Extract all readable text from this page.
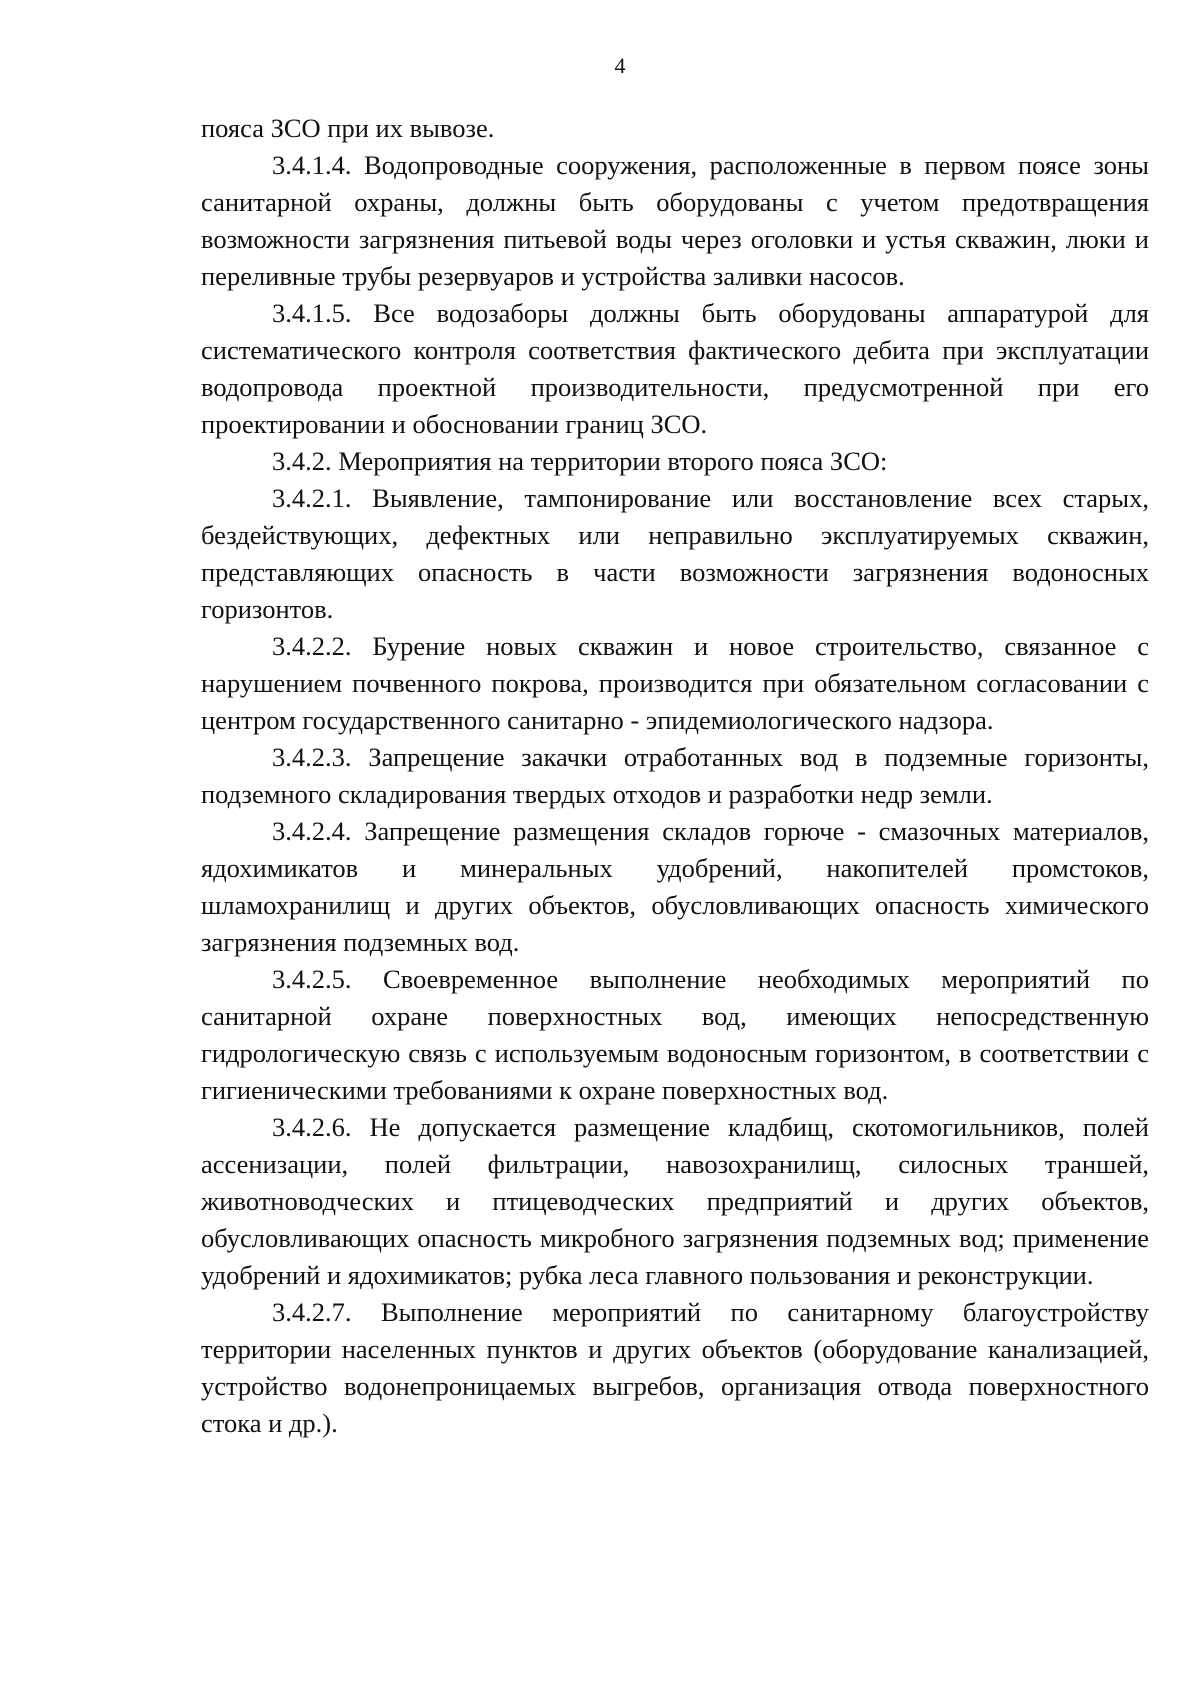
4

пояса ЗСО при их вывозе.

3.4.1.4. Водопроводные сооружения, расположенные в первом поясе зоны санитарной охраны, должны быть оборудованы с учетом предотвращения возможности загрязнения питьевой воды через оголовки и устья скважин, люки и переливные трубы резервуаров и устройства заливки насосов.

3.4.1.5. Все водозаборы должны быть оборудованы аппаратурой для систематического контроля соответствия фактического дебита при эксплуатации водопровода проектной производительности, предусмотренной при его проектировании и обосновании границ ЗСО.

3.4.2. Мероприятия на территории второго пояса ЗСО:

3.4.2.1. Выявление, тампонирование или восстановление всех старых, бездействующих, дефектных или неправильно эксплуатируемых скважин, представляющих опасность в части возможности загрязнения водоносных горизонтов.

3.4.2.2. Бурение новых скважин и новое строительство, связанное с нарушением почвенного покрова, производится при обязательном согласовании с центром государственного санитарно - эпидемиологического надзора.

3.4.2.3. Запрещение закачки отработанных вод в подземные горизонты, подземного складирования твердых отходов и разработки недр земли.

3.4.2.4. Запрещение размещения складов горюче - смазочных материалов, ядохимикатов и минеральных удобрений, накопителей промстоков, шламохранилищ и других объектов, обусловливающих опасность химического загрязнения подземных вод.

3.4.2.5. Своевременное выполнение необходимых мероприятий по санитарной охране поверхностных вод, имеющих непосредственную гидрологическую связь с используемым водоносным горизонтом, в соответствии с гигиеническими требованиями к охране поверхностных вод.

3.4.2.6. Не допускается размещение кладбищ, скотомогильников, полей ассенизации, полей фильтрации, навозохранилищ, силосных траншей, животноводческих и птицеводческих предприятий и других объектов, обусловливающих опасность микробного загрязнения подземных вод; применение удобрений и ядохимикатов; рубка леса главного пользования и реконструкции.

3.4.2.7. Выполнение мероприятий по санитарному благоустройству территории населенных пунктов и других объектов (оборудование канализацией, устройство водонепроницаемых выгребов, организация отвода поверхностного стока и др.).
